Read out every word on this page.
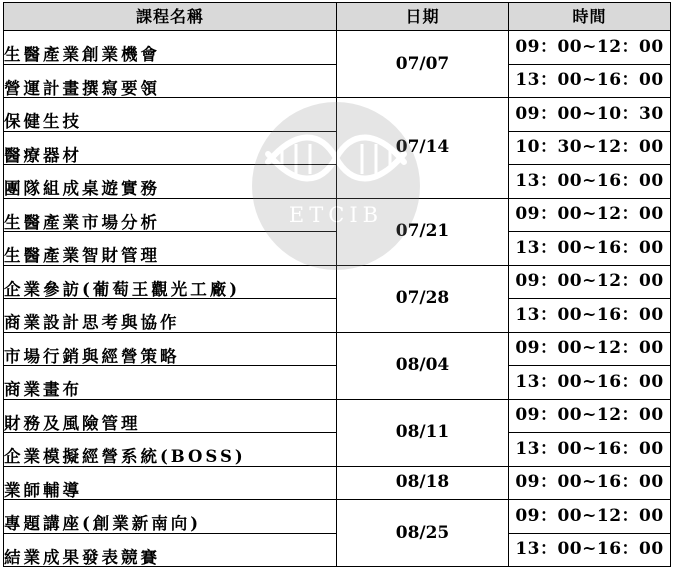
課程名稱	日期	時間
生醫產業創業機會	07/07	09：00~12：00
營運計畫撰寫要領		13：00~16：00
保健生技	07/14	09：00~10：30
醫療器材		10：30~12：00
團隊組成桌遊實務		13：00~16：00
生醫產業市場分析	07/21	09：00~12：00
生醫產業智財管理		13：00~16：00
企業參訪(葡萄王觀光工廠)	07/28	09：00~12：00
商業設計思考與協作		13：00~16：00
市場行銷與經營策略	08/04	09：00~12：00
商業畫布		13：00~16：00
財務及風險管理	08/11	09：00~12：00
企業模擬經營系統(BOSS)		13：00~16：00
業師輔導	08/18	09：00~16：00
專題講座(創業新南向)	08/25	09：00~12：00
結業成果發表競賽		13：00~16：00
ETCIB
